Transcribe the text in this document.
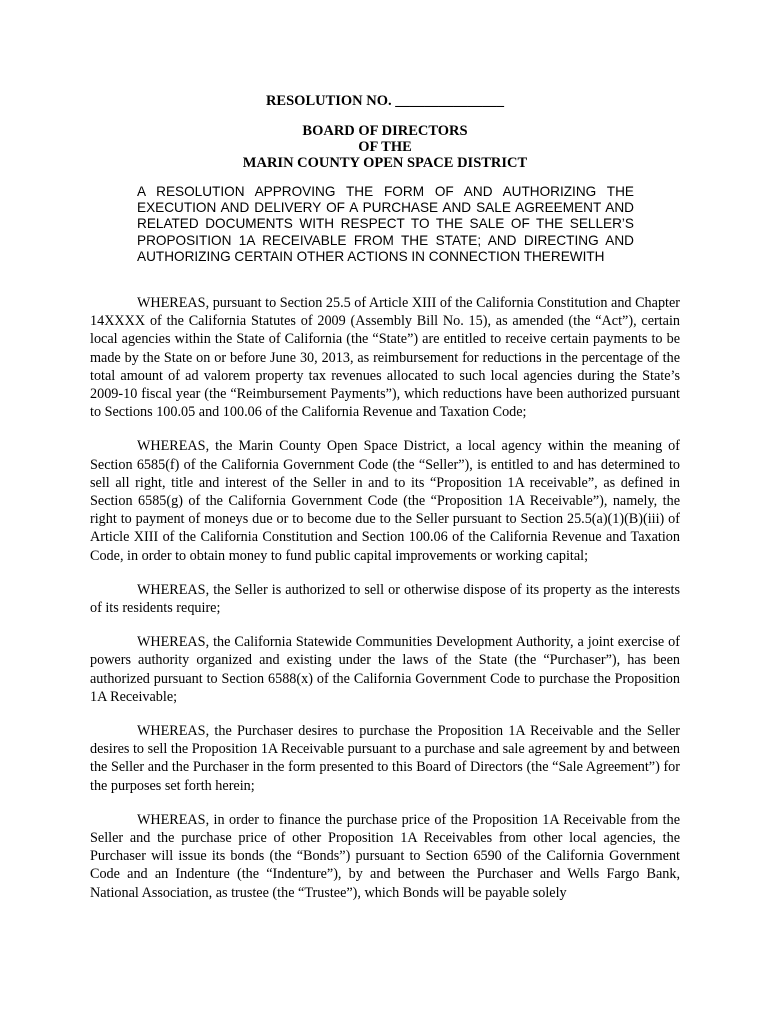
RESOLUTION NO. _______________
BOARD OF DIRECTORS
OF THE
MARIN COUNTY OPEN SPACE DISTRICT
A RESOLUTION APPROVING THE FORM OF AND AUTHORIZING THE EXECUTION AND DELIVERY OF A PURCHASE AND SALE AGREEMENT AND RELATED DOCUMENTS WITH RESPECT TO THE SALE OF THE SELLER’S PROPOSITION 1A RECEIVABLE FROM THE STATE; AND DIRECTING AND AUTHORIZING CERTAIN OTHER ACTIONS IN CONNECTION THEREWITH

WHEREAS, pursuant to Section 25.5 of Article XIII of the California Constitution and Chapter 14XXXX of the California Statutes of 2009 (Assembly Bill No. 15), as amended (the “Act”), certain local agencies within the State of California (the “State”) are entitled to receive certain payments to be made by the State on or before June 30, 2013, as reimbursement for reductions in the percentage of the total amount of ad valorem property tax revenues allocated to such local agencies during the State’s 2009-10 fiscal year (the “Reimbursement Payments”), which reductions have been authorized pursuant to Sections 100.05 and 100.06 of the California Revenue and Taxation Code;

WHEREAS, the Marin County Open Space District, a local agency within the meaning of Section 6585(f) of the California Government Code (the “Seller”), is entitled to and has determined to sell all right, title and interest of the Seller in and to its “Proposition 1A receivable”, as defined in Section 6585(g) of the California Government Code (the “Proposition 1A Receivable”), namely, the right to payment of moneys due or to become due to the Seller pursuant to Section 25.5(a)(1)(B)(iii) of Article XIII of the California Constitution and Section 100.06 of the California Revenue and Taxation Code, in order to obtain money to fund public capital improvements or working capital;

WHEREAS, the Seller is authorized to sell or otherwise dispose of its property as the interests of its residents require;

WHEREAS, the California Statewide Communities Development Authority, a joint exercise of powers authority organized and existing under the laws of the State (the “Purchaser”), has been authorized pursuant to Section 6588(x) of the California Government Code to purchase the Proposition 1A Receivable;

WHEREAS, the Purchaser desires to purchase the Proposition 1A Receivable and the Seller desires to sell the Proposition 1A Receivable pursuant to a purchase and sale agreement by and between the Seller and the Purchaser in the form presented to this Board of Directors (the “Sale Agreement”) for the purposes set forth herein;

WHEREAS, in order to finance the purchase price of the Proposition 1A Receivable from the Seller and the purchase price of other Proposition 1A Receivables from other local agencies, the Purchaser will issue its bonds (the “Bonds”) pursuant to Section 6590 of the California Government Code and an Indenture (the “Indenture”), by and between the Purchaser and Wells Fargo Bank, National Association, as trustee (the “Trustee”), which Bonds will be payable solely
